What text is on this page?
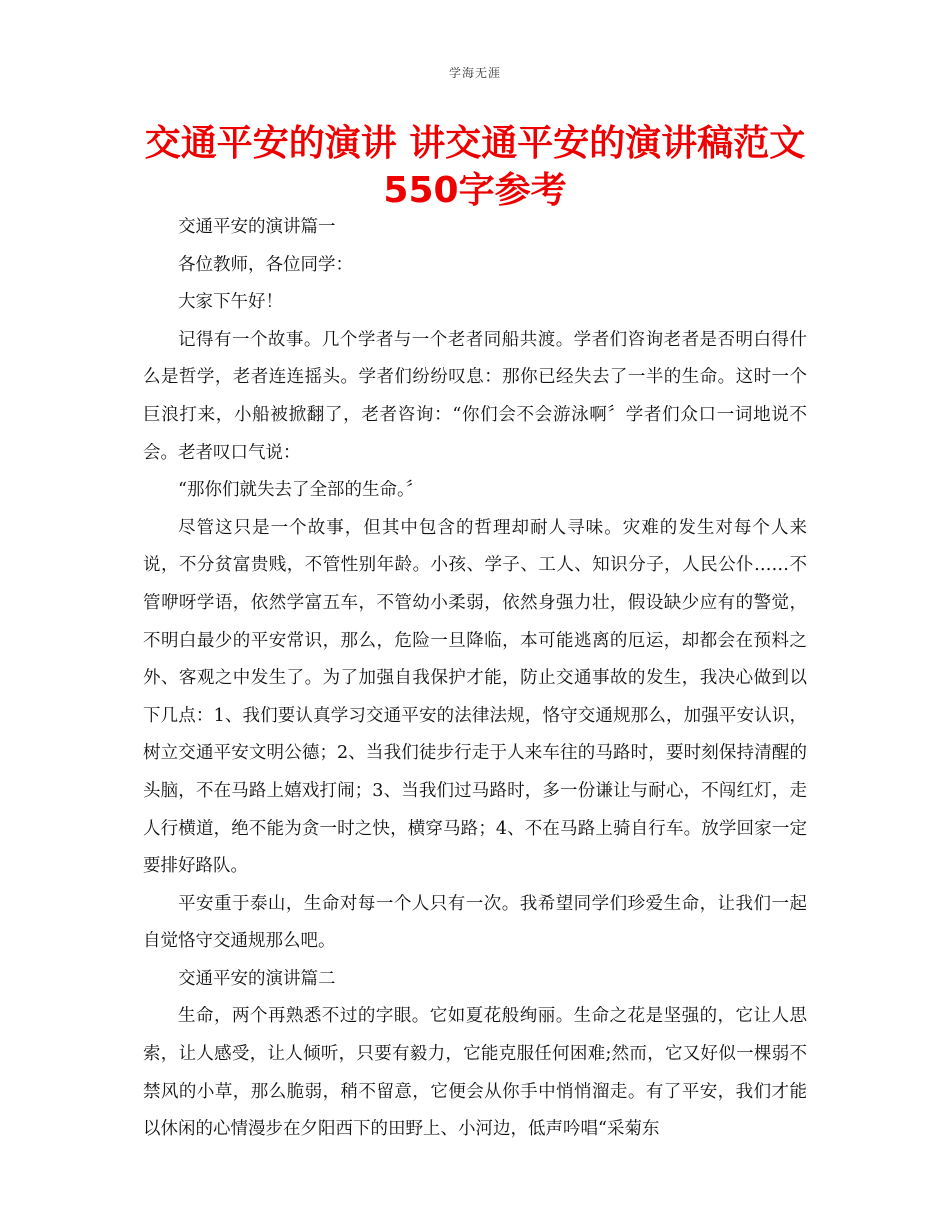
学海无涯
交通平安的演讲 讲交通平安的演讲稿范文
550字参考

交通平安的演讲篇一

各位教师，各位同学：

大家下午好！

记得有一个故事。几个学者与一个老者同船共渡。学者们咨询老者是否明白得什么是哲学，老者连连摇头。学者们纷纷叹息：那你已经失去了一半的生命。这时一个巨浪打来，小船被掀翻了，老者咨询：“你们会不会游泳啊〞学者们众口一词地说不会。老者叹口气说：

“那你们就失去了全部的生命。〞

尽管这只是一个故事，但其中包含的哲理却耐人寻味。灾难的发生对每个人来说，不分贫富贵贱，不管性别年龄。小孩、学子、工人、知识分子，人民公仆……不管咿呀学语，依然学富五车，不管幼小柔弱，依然身强力壮，假设缺少应有的警觉，不明白最少的平安常识，那么，危险一旦降临，本可能逃离的厄运，却都会在预料之外、客观之中发生了。为了加强自我保护才能，防止交通事故的发生，我决心做到以下几点：1、我们要认真学习交通平安的法律法规，恪守交通规那么，加强平安认识，树立交通平安文明公德；2、当我们徒步行走于人来车往的马路时，要时刻保持清醒的头脑，不在马路上嬉戏打闹；3、当我们过马路时，多一份谦让与耐心，不闯红灯，走人行横道，绝不能为贪一时之快，横穿马路；4、不在马路上骑自行车。放学回家一定要排好路队。

平安重于泰山，生命对每一个人只有一次。我希望同学们珍爱生命，让我们一起自觉恪守交通规那么吧。

交通平安的演讲篇二

生命，两个再熟悉不过的字眼。它如夏花般绚丽。生命之花是坚强的，它让人思索，让人感受，让人倾听，只要有毅力，它能克服任何困难;然而，它又好似一棵弱不禁风的小草，那么脆弱，稍不留意，它便会从你手中悄悄溜走。有了平安，我们才能以休闲的心情漫步在夕阳西下的田野上、小河边，低声吟唱“采菊东
